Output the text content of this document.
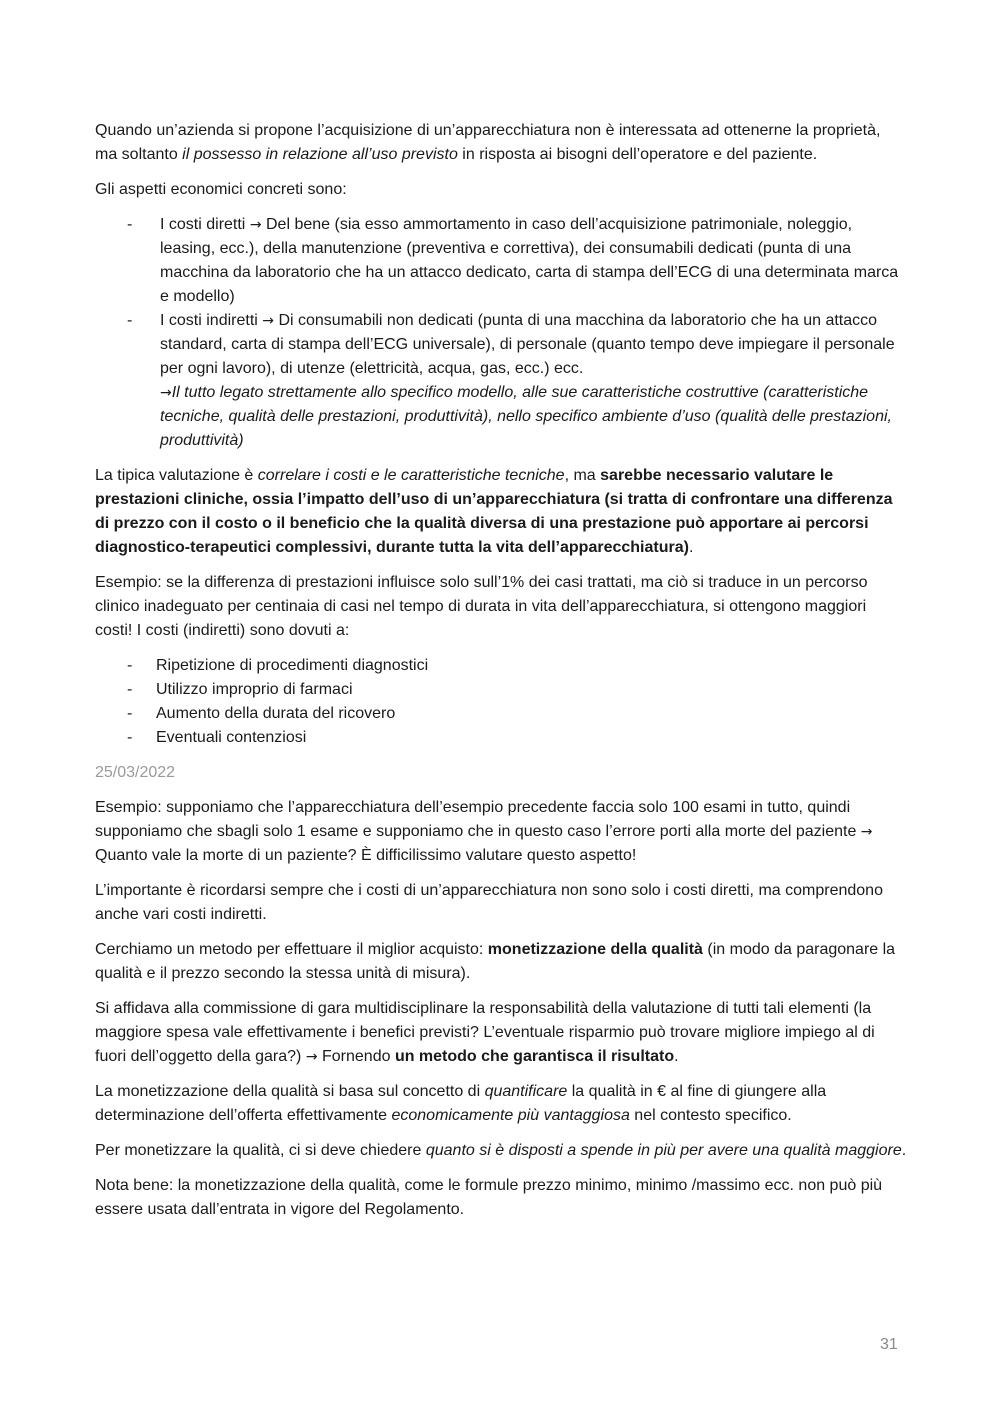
Quando un’azienda si propone l’acquisizione di un’apparecchiatura non è interessata ad ottenerne la proprietà, ma soltanto il possesso in relazione all’uso previsto in risposta ai bisogni dell’operatore e del paziente.

Gli aspetti economici concreti sono:

- I costi diretti → Del bene (sia esso ammortamento in caso dell’acquisizione patrimoniale, noleggio, leasing, ecc.), della manutenzione (preventiva e correttiva), dei consumabili dedicati (punta di una macchina da laboratorio che ha un attacco dedicato, carta di stampa dell’ECG di una determinata marca e modello)
- I costi indiretti → Di consumabili non dedicati (punta di una macchina da laboratorio che ha un attacco standard, carta di stampa dell’ECG universale), di personale (quanto tempo deve impiegare il personale per ogni lavoro), di utenze (elettricità, acqua, gas, ecc.) ecc.
→Il tutto legato strettamente allo specifico modello, alle sue caratteristiche costruttive (caratteristiche tecniche, qualità delle prestazioni, produttività), nello specifico ambiente d’uso (qualità delle prestazioni, produttività)

La tipica valutazione è correlare i costi e le caratteristiche tecniche, ma sarebbe necessario valutare le prestazioni cliniche, ossia l’impatto dell’uso di un’apparecchiatura (si tratta di confrontare una differenza di prezzo con il costo o il beneficio che la qualità diversa di una prestazione può apportare ai percorsi diagnostico-terapeutici complessivi, durante tutta la vita dell’apparecchiatura).

Esempio: se la differenza di prestazioni influisce solo sull’1% dei casi trattati, ma ciò si traduce in un percorso clinico inadeguato per centinaia di casi nel tempo di durata in vita dell’apparecchiatura, si ottengono maggiori costi! I costi (indiretti) sono dovuti a:

- Ripetizione di procedimenti diagnostici
- Utilizzo improprio di farmaci
- Aumento della durata del ricovero
- Eventuali contenziosi

25/03/2022

Esempio: supponiamo che l’apparecchiatura dell’esempio precedente faccia solo 100 esami in tutto, quindi supponiamo che sbagli solo 1 esame e supponiamo che in questo caso l’errore porti alla morte del paziente → Quanto vale la morte di un paziente? È difficilissimo valutare questo aspetto!

L’importante è ricordarsi sempre che i costi di un’apparecchiatura non sono solo i costi diretti, ma comprendono anche vari costi indiretti.

Cerchiamo un metodo per effettuare il miglior acquisto: monetizzazione della qualità (in modo da paragonare la qualità e il prezzo secondo la stessa unità di misura).

Si affidava alla commissione di gara multidisciplinare la responsabilità della valutazione di tutti tali elementi (la maggiore spesa vale effettivamente i benefici previsti? L’eventuale risparmio può trovare migliore impiego al di fuori dell’oggetto della gara?) → Fornendo un metodo che garantisca il risultato.

La monetizzazione della qualità si basa sul concetto di quantificare la qualità in € al fine di giungere alla determinazione dell’offerta effettivamente economicamente più vantaggiosa nel contesto specifico.

Per monetizzare la qualità, ci si deve chiedere quanto si è disposti a spende in più per avere una qualità maggiore.

Nota bene: la monetizzazione della qualità, come le formule prezzo minimo, minimo /massimo ecc. non può più essere usata dall’entrata in vigore del Regolamento.

31
